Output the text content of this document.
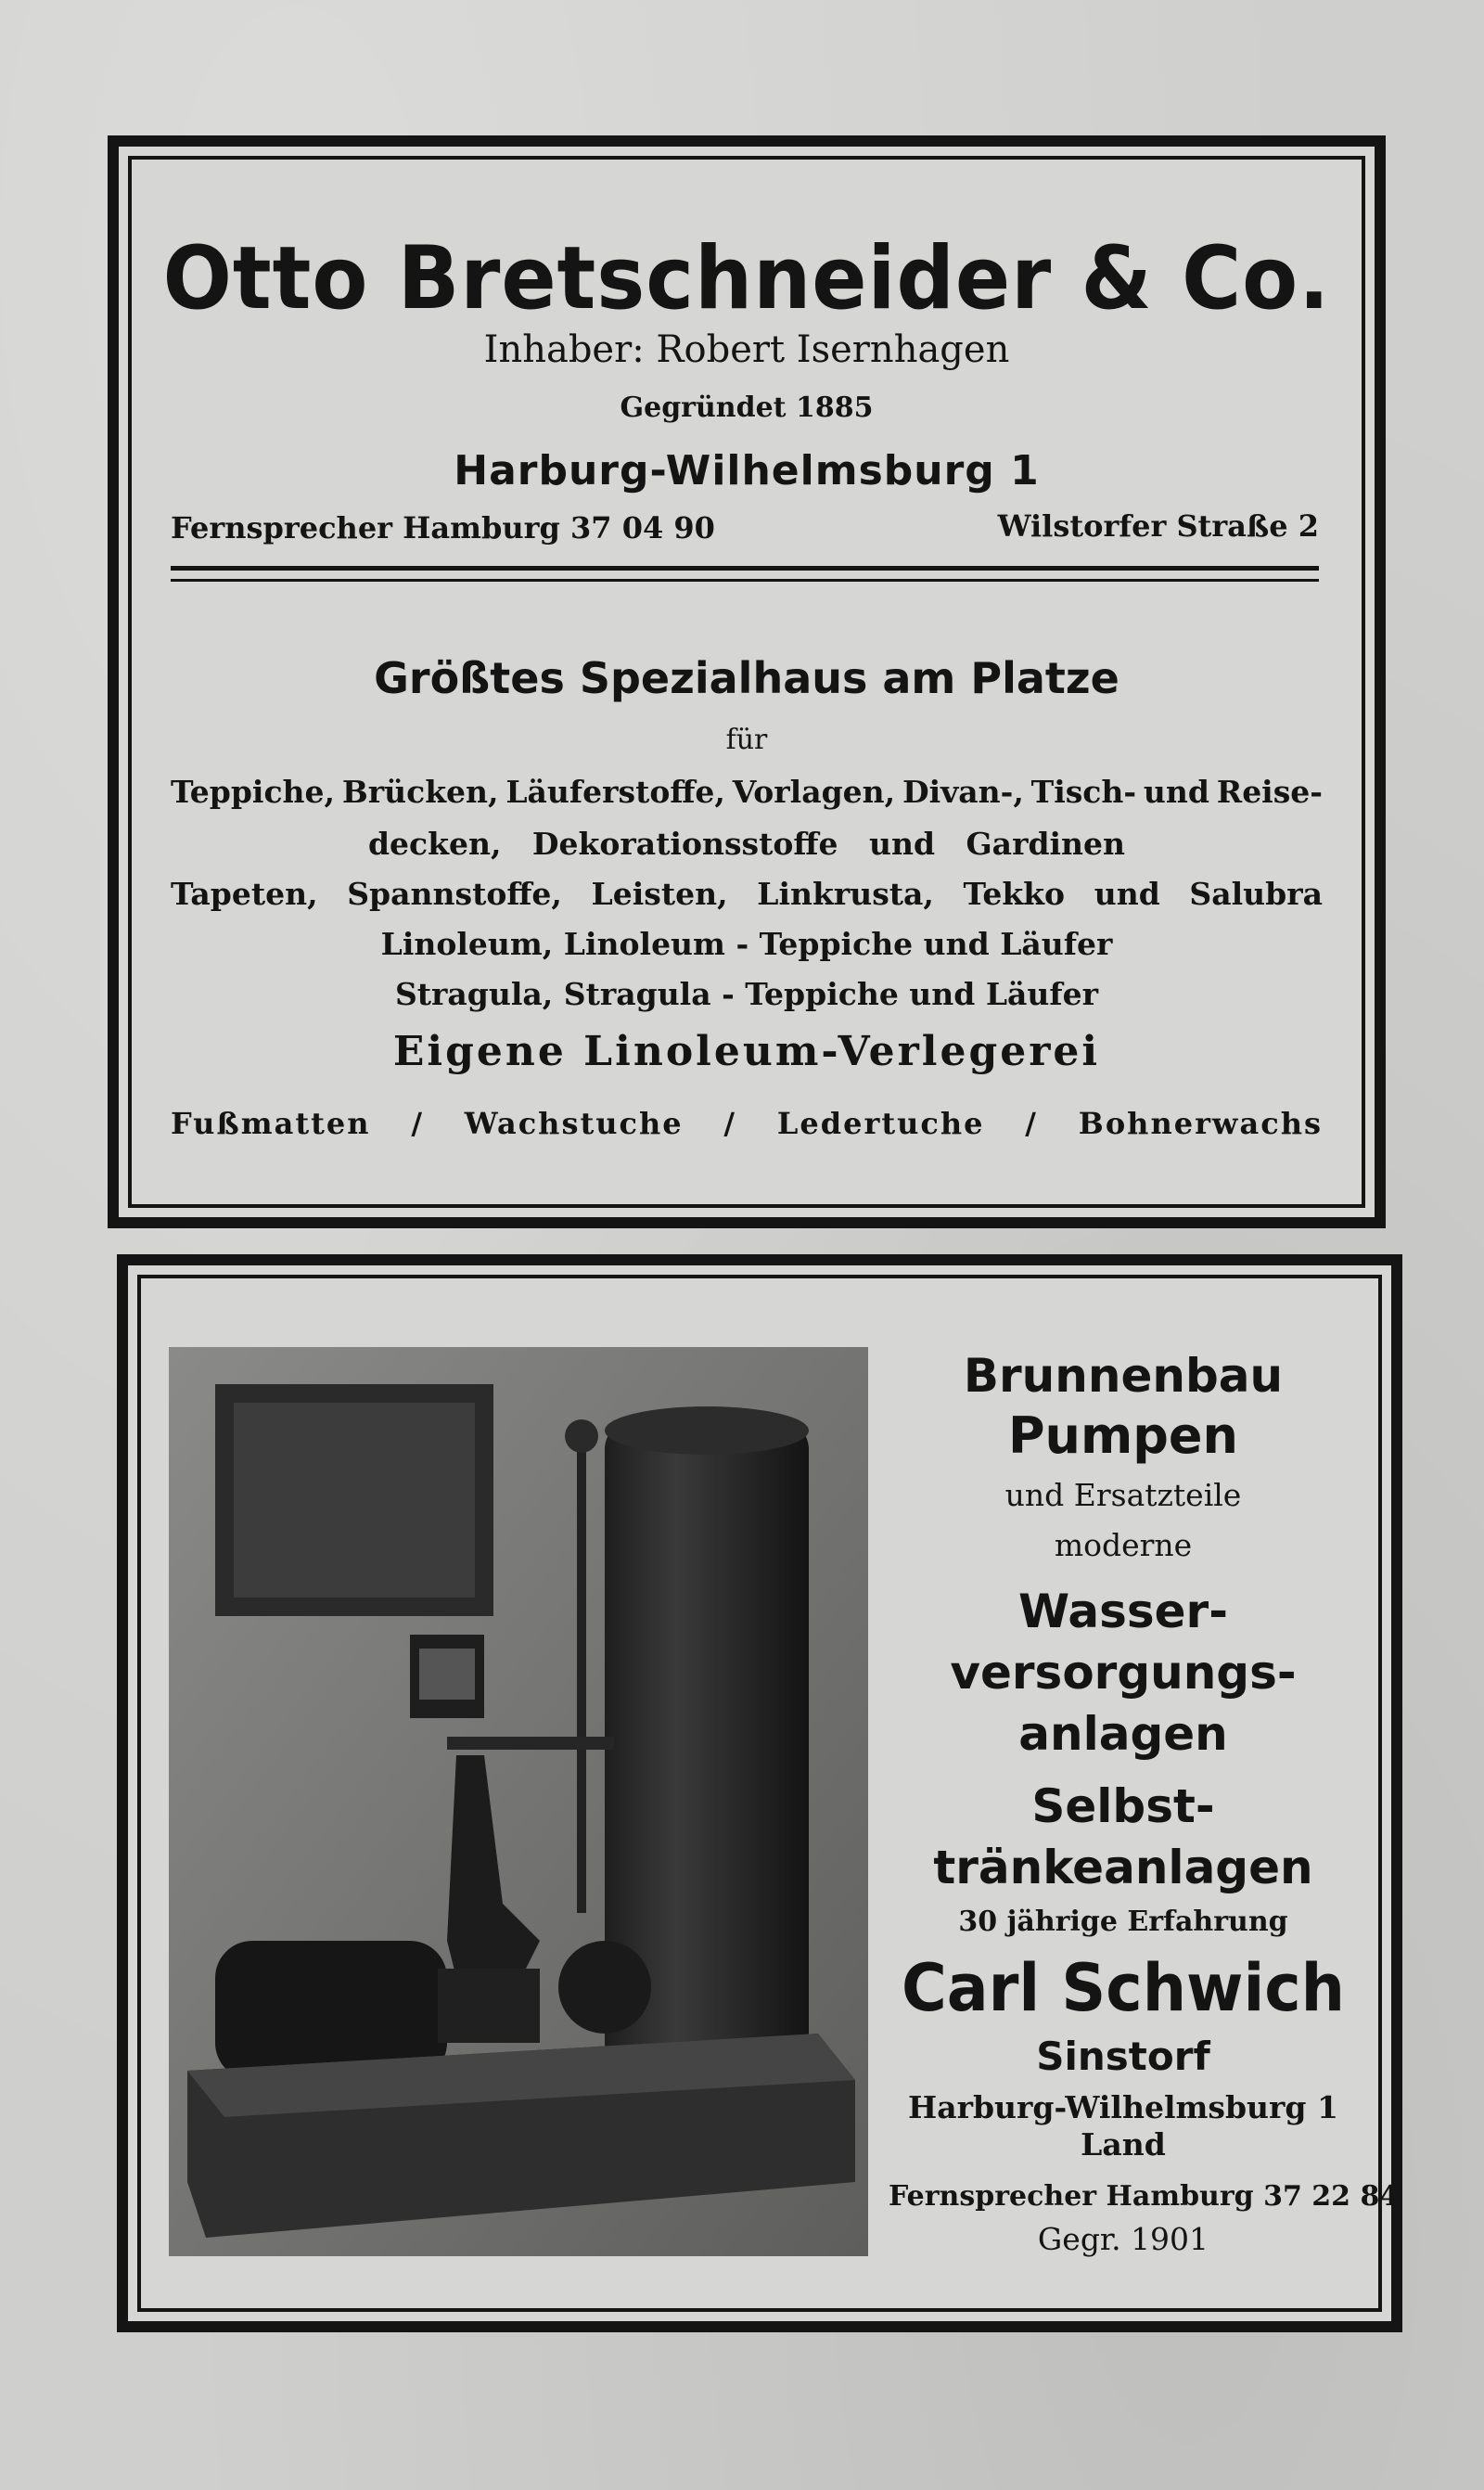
Otto Bretschneider & Co.
Inhaber: Robert Isernhagen
Gegründet 1885
Harburg-Wilhelmsburg 1
Fernsprecher Hamburg 37 04 90	Wilstorfer Straße 2
Größtes Spezialhaus am Platze
für
Teppiche, Brücken, Läuferstoffe, Vorlagen, Divan-, Tisch- und Reise-
decken, Dekorationsstoffe und Gardinen
Tapeten, Spannstoffe, Leisten, Linkrusta, Tekko und Salubra
Linoleum, Linoleum - Teppiche und Läufer
Stragula, Stragula - Teppiche und Läufer
Eigene Linoleum-Verlegerei
Fußmatten / Wachstuche / Ledertuche / Bohnerwachs
Brunnenbau
Pumpen
und Ersatzteile
moderne
Wasser-versorgungs-anlagen
Selbst-tränkeanlagen
30 jährige Erfahrung
Carl Schwich
Sinstorf
Harburg-Wilhelmsburg 1 Land
Fernsprecher Hamburg 37 22 84
Gegr. 1901
